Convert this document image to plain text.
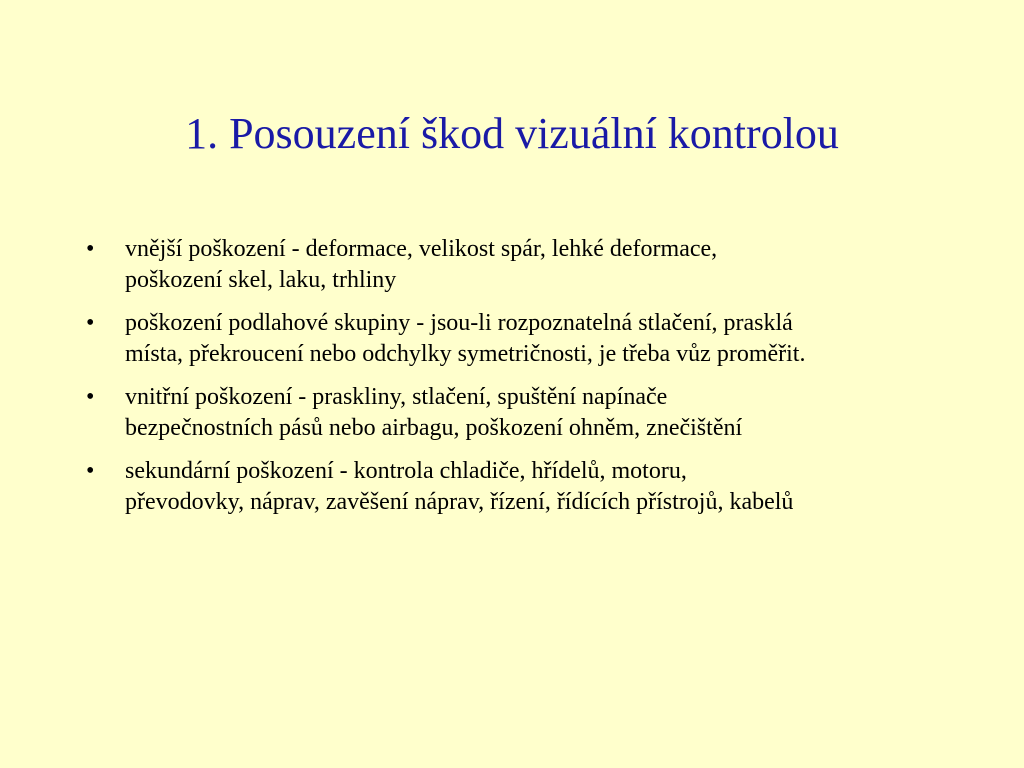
1. Posouzení škod vizuální kontrolou
•	vnější poškození - deformace, velikost spár, lehké deformace,
poškození skel, laku, trhliny
•	poškození podlahové skupiny - jsou-li rozpoznatelná stlačení, prasklá
místa, překroucení nebo odchylky symetričnosti, je třeba vůz proměřit.
•	vnitřní poškození - praskliny, stlačení, spuštění napínače
bezpečnostních pásů nebo airbagu, poškození ohněm, znečištění
•	sekundární poškození - kontrola chladiče, hřídelů, motoru,
převodovky, náprav, zavěšení náprav, řízení, řídících přístrojů, kabelů
